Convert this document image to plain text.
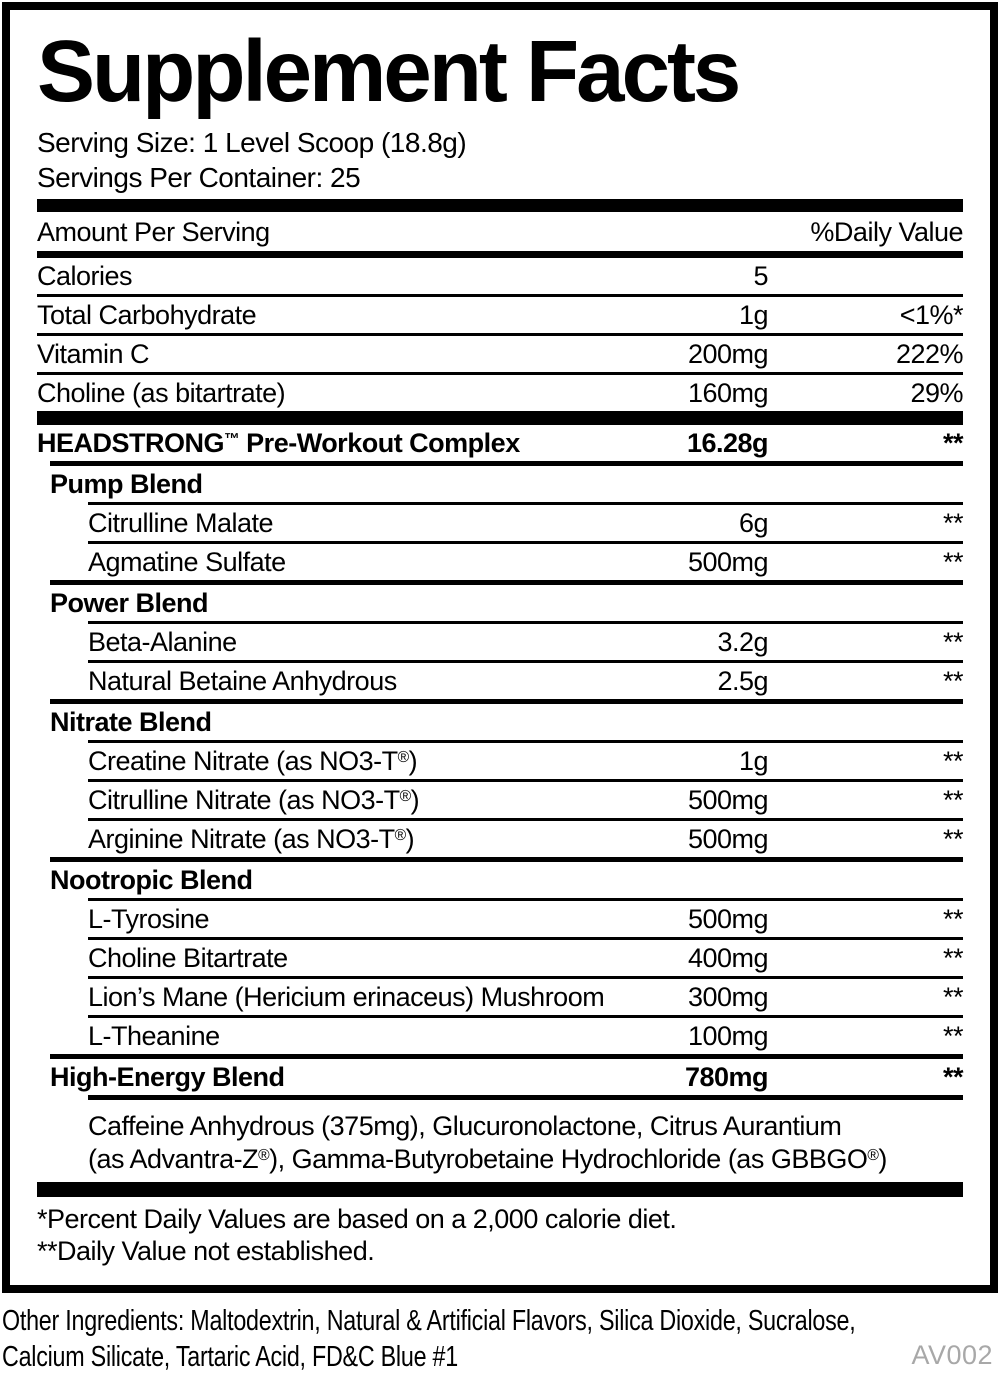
Supplement Facts
Serving Size: 1 Level Scoop (18.8g)
Servings Per Container: 25
Amount Per Serving	%Daily Value
Calories	5
Total Carbohydrate	1g	<1%*
Vitamin C	200mg	222%
Choline (as bitartrate)	160mg	29%
HEADSTRONG™ Pre-Workout Complex	16.28g	**
Pump Blend
Citrulline Malate	6g	**
Agmatine Sulfate	500mg	**
Power Blend
Beta-Alanine	3.2g	**
Natural Betaine Anhydrous	2.5g	**
Nitrate Blend
Creatine Nitrate (as NO3-T®)	1g	**
Citrulline Nitrate (as NO3-T®)	500mg	**
Arginine Nitrate (as NO3-T®)	500mg	**
Nootropic Blend
L-Tyrosine	500mg	**
Choline Bitartrate	400mg	**
Lion’s Mane (Hericium erinaceus) Mushroom	300mg	**
L-Theanine	100mg	**
High-Energy Blend	780mg	**
Caffeine Anhydrous (375mg), Glucuronolactone, Citrus Aurantium
(as Advantra-Z®), Gamma-Butyrobetaine Hydrochloride (as GBBGO®)
*Percent Daily Values are based on a 2,000 calorie diet.
**Daily Value not established.
Other Ingredients: Maltodextrin, Natural & Artificial Flavors, Silica Dioxide, Sucralose,
Calcium Silicate, Tartaric Acid, FD&C Blue #1	AV002
